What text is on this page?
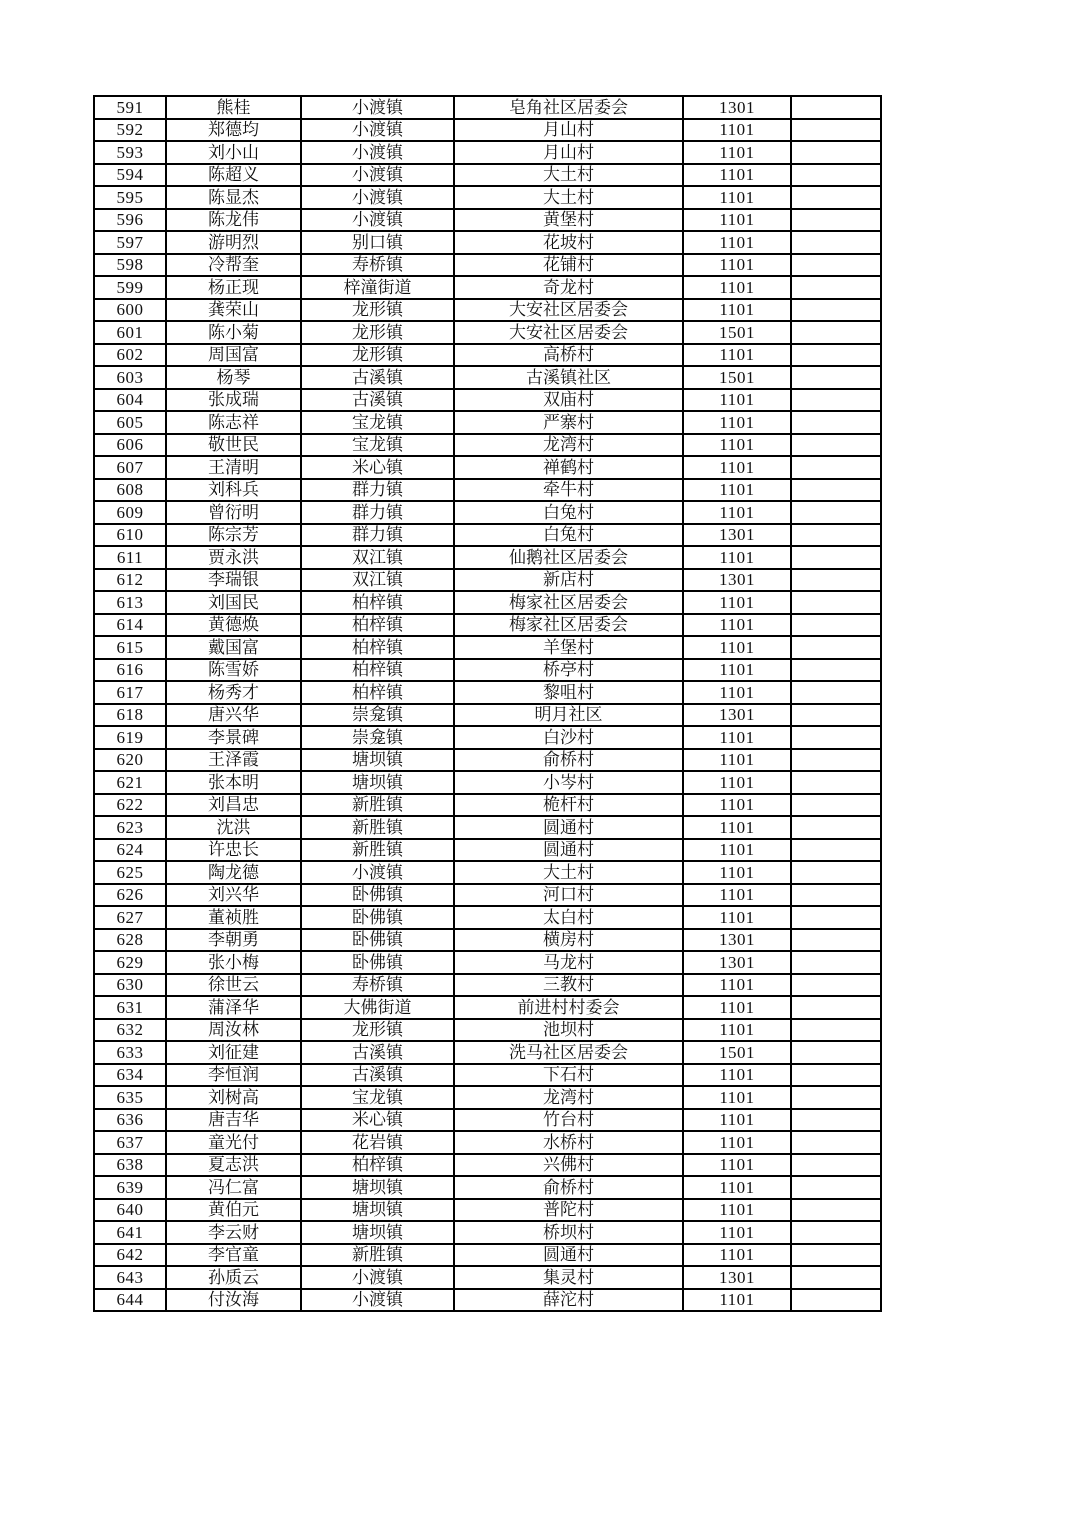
591	熊桂	小渡镇	皂角社区居委会	1301	
592	郑德均	小渡镇	月山村	1101	
593	刘小山	小渡镇	月山村	1101	
594	陈超义	小渡镇	大土村	1101	
595	陈显杰	小渡镇	大土村	1101	
596	陈龙伟	小渡镇	黄堡村	1101	
597	游明烈	别口镇	花坡村	1101	
598	冷帮奎	寿桥镇	花铺村	1101	
599	杨正现	梓潼街道	奇龙村	1101	
600	龚荣山	龙形镇	大安社区居委会	1101	
601	陈小菊	龙形镇	大安社区居委会	1501	
602	周国富	龙形镇	高桥村	1101	
603	杨琴	古溪镇	古溪镇社区	1501	
604	张成瑞	古溪镇	双庙村	1101	
605	陈志祥	宝龙镇	严寨村	1101	
606	敬世民	宝龙镇	龙湾村	1101	
607	王清明	米心镇	禅鹤村	1101	
608	刘科兵	群力镇	牵牛村	1101	
609	曾衍明	群力镇	白兔村	1101	
610	陈宗芳	群力镇	白兔村	1301	
611	贾永洪	双江镇	仙鹅社区居委会	1101	
612	李瑞银	双江镇	新店村	1301	
613	刘国民	柏梓镇	梅家社区居委会	1101	
614	黄德焕	柏梓镇	梅家社区居委会	1101	
615	戴国富	柏梓镇	羊堡村	1101	
616	陈雪娇	柏梓镇	桥亭村	1101	
617	杨秀才	柏梓镇	黎咀村	1101	
618	唐兴华	崇龛镇	明月社区	1301	
619	李景碑	崇龛镇	白沙村	1101	
620	王泽霞	塘坝镇	俞桥村	1101	
621	张本明	塘坝镇	小岑村	1101	
622	刘昌忠	新胜镇	桅杆村	1101	
623	沈洪	新胜镇	圆通村	1101	
624	许忠长	新胜镇	圆通村	1101	
625	陶龙德	小渡镇	大土村	1101	
626	刘兴华	卧佛镇	河口村	1101	
627	董祯胜	卧佛镇	太白村	1101	
628	李朝勇	卧佛镇	横房村	1301	
629	张小梅	卧佛镇	马龙村	1301	
630	徐世云	寿桥镇	三教村	1101	
631	蒲泽华	大佛街道	前进村村委会	1101	
632	周汝林	龙形镇	池坝村	1101	
633	刘征建	古溪镇	洗马社区居委会	1501	
634	李恒润	古溪镇	下石村	1101	
635	刘树高	宝龙镇	龙湾村	1101	
636	唐吉华	米心镇	竹台村	1101	
637	童光付	花岩镇	水桥村	1101	
638	夏志洪	柏梓镇	兴佛村	1101	
639	冯仁富	塘坝镇	俞桥村	1101	
640	黄伯元	塘坝镇	普陀村	1101	
641	李云财	塘坝镇	桥坝村	1101	
642	李官童	新胜镇	圆通村	1101	
643	孙质云	小渡镇	集灵村	1301	
644	付汝海	小渡镇	薛沱村	1101	
